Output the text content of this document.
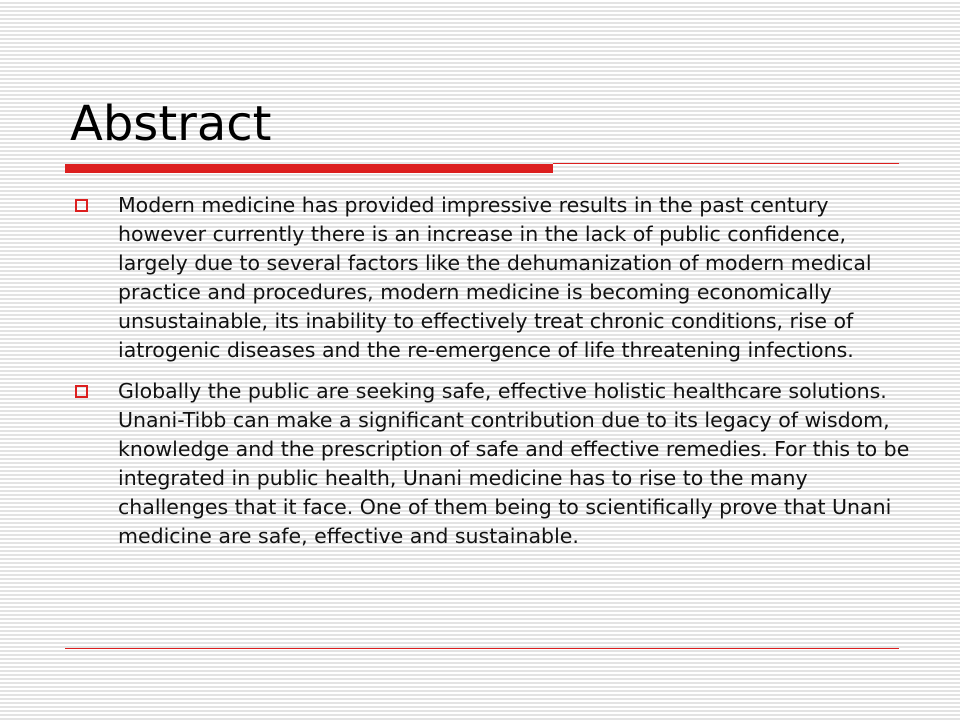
Abstract
Modern medicine has provided impressive results in the past century however currently there is an increase in the lack of public confidence, largely due to several factors like the dehumanization of modern medical practice and procedures, modern medicine is becoming economically unsustainable, its inability to effectively treat chronic conditions, rise of iatrogenic diseases and the re-emergence of life threatening infections.
Globally the public are seeking safe, effective holistic healthcare solutions. Unani-Tibb can make a significant contribution due to its legacy of wisdom, knowledge and the prescription of safe and effective remedies. For this to be integrated in public health, Unani medicine has to rise to the many challenges that it face. One of them being to scientifically prove that Unani medicine are safe, effective and sustainable.
